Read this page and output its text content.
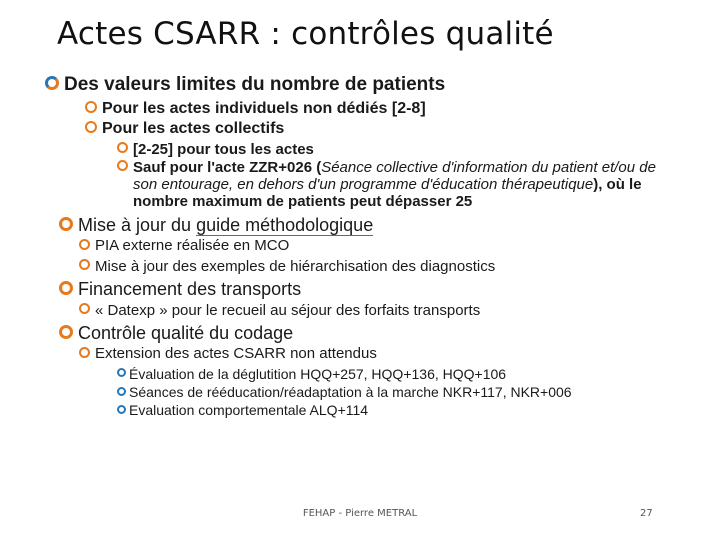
Actes CSARR : contrôles qualité
Des valeurs limites du nombre de patients
Pour les actes individuels non dédiés [2-8]
Pour les actes collectifs
[2-25] pour tous les actes
Sauf pour l'acte ZZR+026 (Séance collective d'information du patient et/ou de son entourage, en dehors d'un programme d'éducation thérapeutique), où le nombre maximum de patients peut dépasser 25
Mise à jour du guide méthodologique
PIA externe réalisée en MCO
Mise à jour des exemples de hiérarchisation des diagnostics
Financement des transports
« Datexp » pour le recueil au séjour des forfaits transports
Contrôle qualité du codage
Extension des actes CSARR non attendus
Évaluation de la déglutition HQQ+257, HQQ+136, HQQ+106
Séances de rééducation/réadaptation à la marche NKR+117, NKR+006
Evaluation comportementale ALQ+114
FEHAP - Pierre METRAL	27
